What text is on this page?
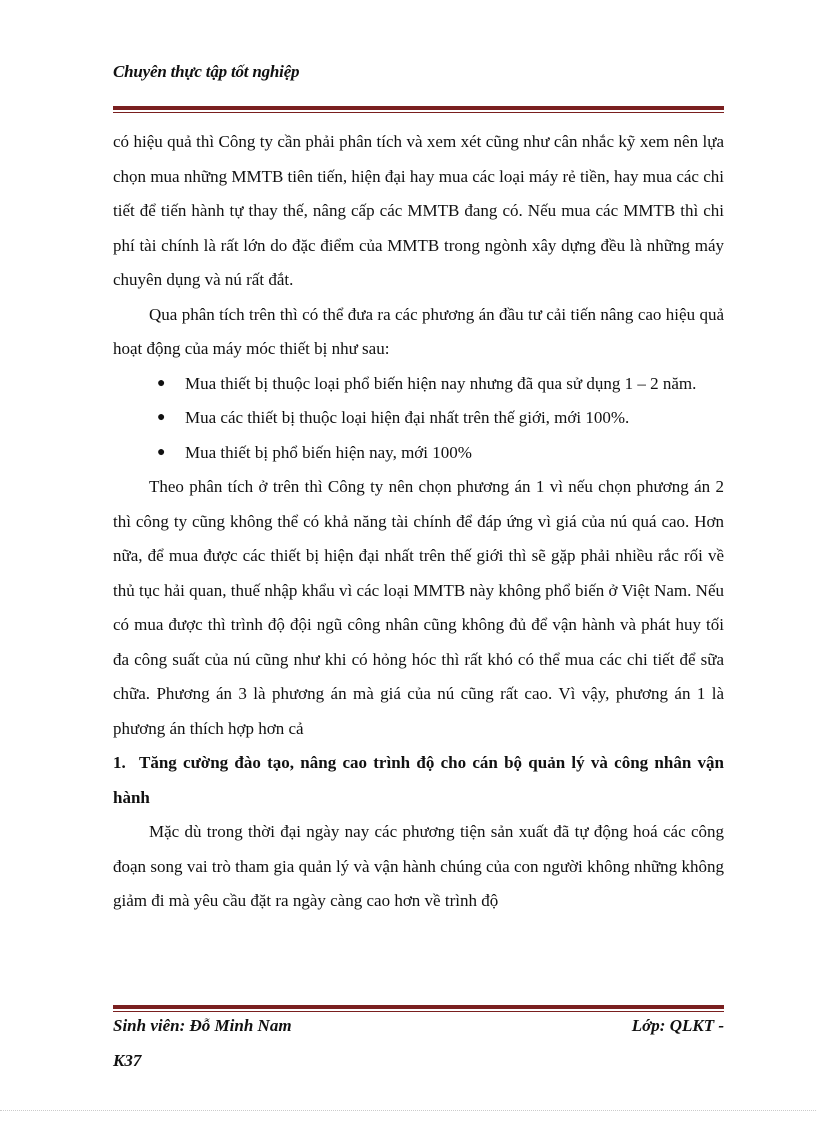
Chuyên thực tập tốt nghiệp

có hiệu quả thì Công ty cần phải phân tích và xem xét cũng như cân nhắc kỹ xem nên lựa chọn mua những MMTB tiên tiến, hiện đại hay mua các loại máy rẻ tiền, hay mua các chi tiết để tiến hành tự thay thế, nâng cấp các MMTB đang có. Nếu mua các MMTB thì chi phí tài chính là rất lớn do đặc điểm của MMTB trong ngònh xây dựng đều là những máy chuyên dụng và nú rất đắt.

Qua phân tích trên thì có thể đưa ra các phương án đầu tư cải tiến nâng cao hiệu quả hoạt động của máy móc thiết bị như sau:

● Mua thiết bị thuộc loại phổ biến hiện nay nhưng đã qua sử dụng 1 – 2 năm.
● Mua các thiết bị thuộc loại hiện đại nhất trên thế giới, mới 100%.
● Mua thiết bị phổ biến hiện nay, mới 100%

Theo phân tích ở trên thì Công ty nên chọn phương án 1 vì nếu chọn phương án 2 thì công ty cũng không thể có khả năng tài chính để đáp ứng vì giá của nú quá cao. Hơn nữa, để mua được các thiết bị hiện đại nhất trên thế giới thì sẽ gặp phải nhiều rắc rối về thủ tục hải quan, thuế nhập khẩu vì các loại MMTB này không phổ biến ở Việt Nam. Nếu có mua được thì trình độ đội ngũ công nhân cũng không đủ để vận hành và phát huy tối đa công suất của nú cũng như khi có hỏng hóc thì rất khó có thể mua các chi tiết để sữa chữa. Phương án 3 là phương án mà giá của nú cũng rất cao. Vì vậy, phương án 1 là phương án thích hợp hơn cả

1. Tăng cường đào tạo, nâng cao trình độ cho cán bộ quản lý và công nhân vận hành

Mặc dù trong thời đại ngày nay các phương tiện sản xuất đã tự động hoá các công đoạn song vai trò tham gia quản lý và vận hành chúng của con người không những không giảm đi mà yêu cầu đặt ra ngày càng cao hơn về trình độ

Sinh viên: Đỗ Minh Nam	Lớp: QLKT -
K37
